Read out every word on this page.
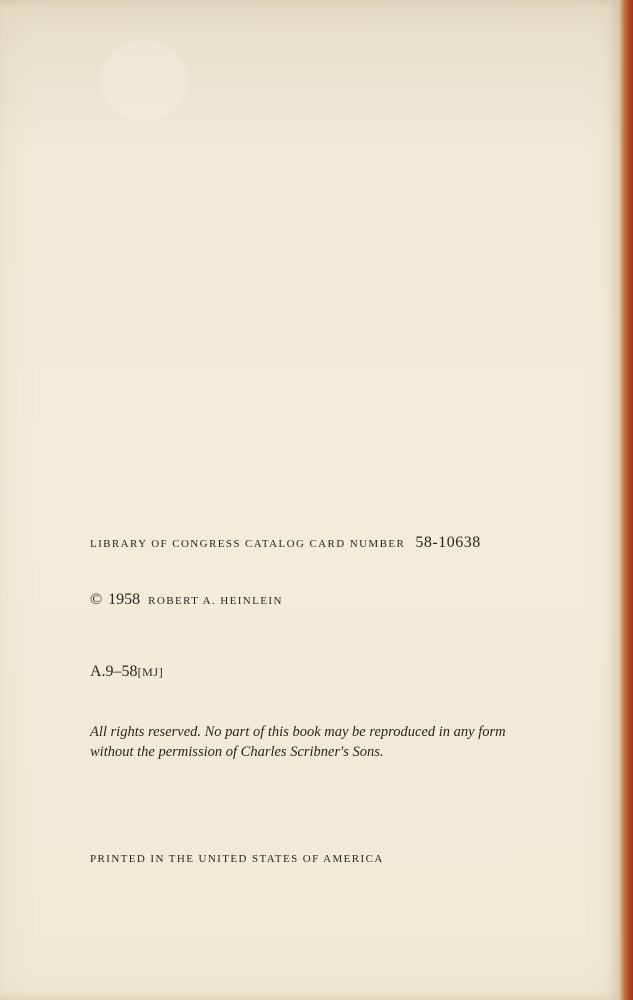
LIBRARY OF CONGRESS CATALOG CARD NUMBER 58-10638
© 1958 ROBERT A. HEINLEIN
A.9–58[MJ]
All rights reserved. No part of this book may be reproduced in any form
without the permission of Charles Scribner's Sons.
PRINTED IN THE UNITED STATES OF AMERICA
